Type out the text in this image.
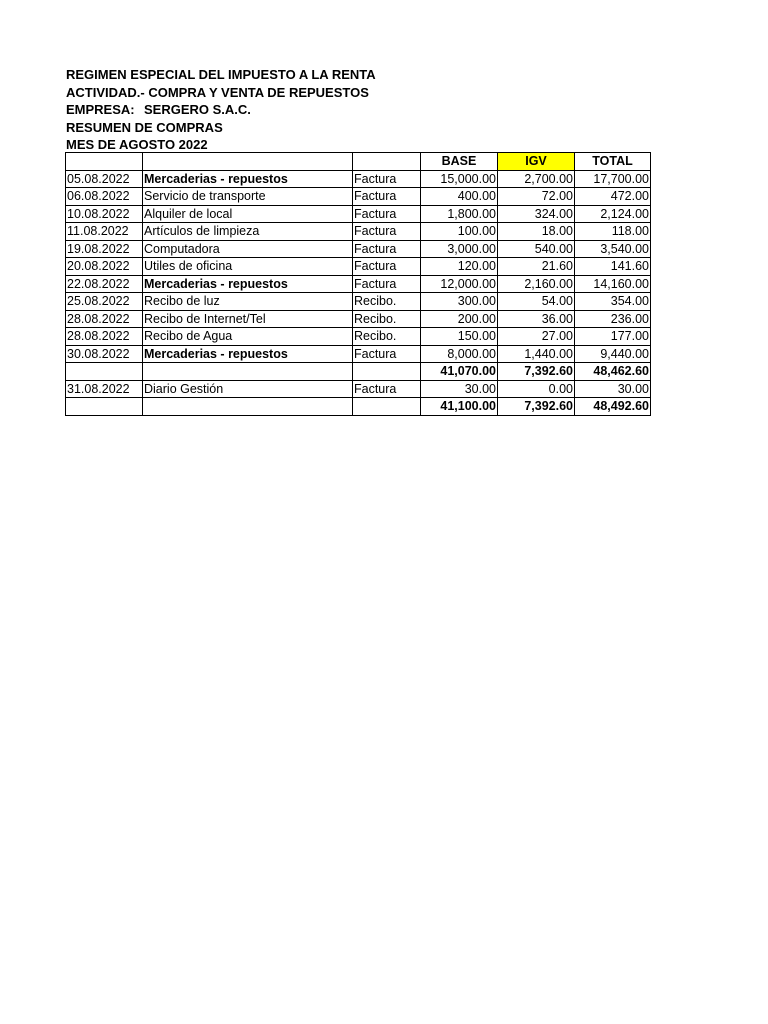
REGIMEN ESPECIAL DEL IMPUESTO A LA RENTA
ACTIVIDAD.- COMPRA Y VENTA DE REPUESTOS
EMPRESA: SERGERO S.A.C.
RESUMEN DE COMPRAS
MES DE AGOSTO 2022
			BASE	IGV	TOTAL
05.08.2022	Mercaderias - repuestos	Factura	15,000.00	2,700.00	17,700.00
06.08.2022	Servicio de transporte	Factura	400.00	72.00	472.00
10.08.2022	Alquiler de local	Factura	1,800.00	324.00	2,124.00
11.08.2022	Artículos de limpieza	Factura	100.00	18.00	118.00
19.08.2022	Computadora	Factura	3,000.00	540.00	3,540.00
20.08.2022	Utiles de oficina	Factura	120.00	21.60	141.60
22.08.2022	Mercaderias - repuestos	Factura	12,000.00	2,160.00	14,160.00
25.08.2022	Recibo de luz	Recibo.	300.00	54.00	354.00
28.08.2022	Recibo de Internet/Tel	Recibo.	200.00	36.00	236.00
28.08.2022	Recibo de Agua	Recibo.	150.00	27.00	177.00
30.08.2022	Mercaderias - repuestos	Factura	8,000.00	1,440.00	9,440.00
			41,070.00	7,392.60	48,462.60
31.08.2022	Diario Gestión	Factura	30.00	0.00	30.00
			41,100.00	7,392.60	48,492.60
